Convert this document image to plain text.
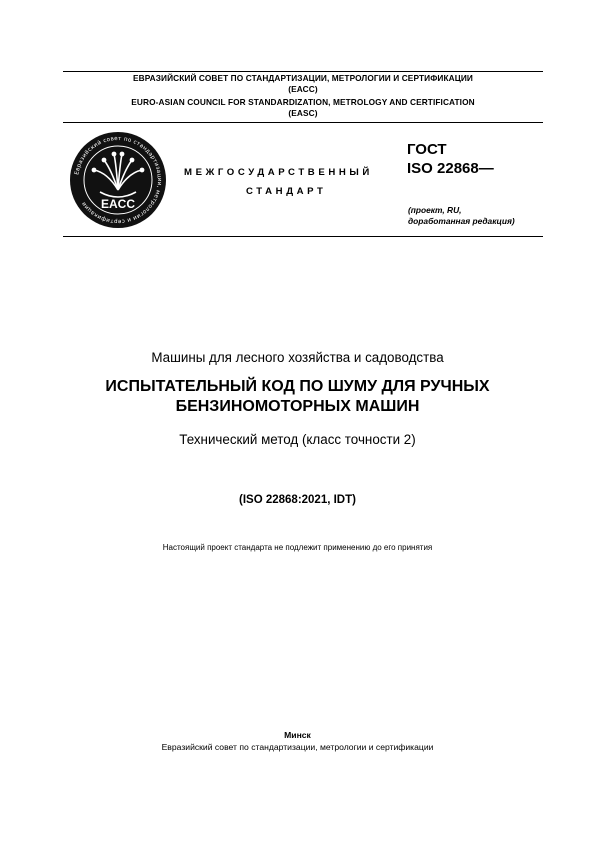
ЕВРАЗИЙСКИЙ СОВЕТ ПО СТАНДАРТИЗАЦИИ, МЕТРОЛОГИИ И СЕРТИФИКАЦИИ
(ЕАСС)
EURO-ASIAN COUNCIL FOR STANDARDIZATION, METROLOGY AND CERTIFICATION
(EASC)
Евразийский совет по стандартизации, метрологии и сертификации	EACC
МЕЖГОСУДАРСТВЕННЫЙ
СТАНДАРТ
ГОСТ
ISO 22868—
(проект, RU,
доработанная редакция)
Машины для лесного хозяйства и садоводства
ИСПЫТАТЕЛЬНЫЙ КОД ПО ШУМУ ДЛЯ РУЧНЫХ
БЕНЗИНОМОТОРНЫХ МАШИН
Технический метод (класс точности 2)
(ISO 22868:2021, IDT)
Настоящий проект стандарта не подлежит применению до его принятия
Минск
Евразийский совет по стандартизации, метрологии и сертификации
